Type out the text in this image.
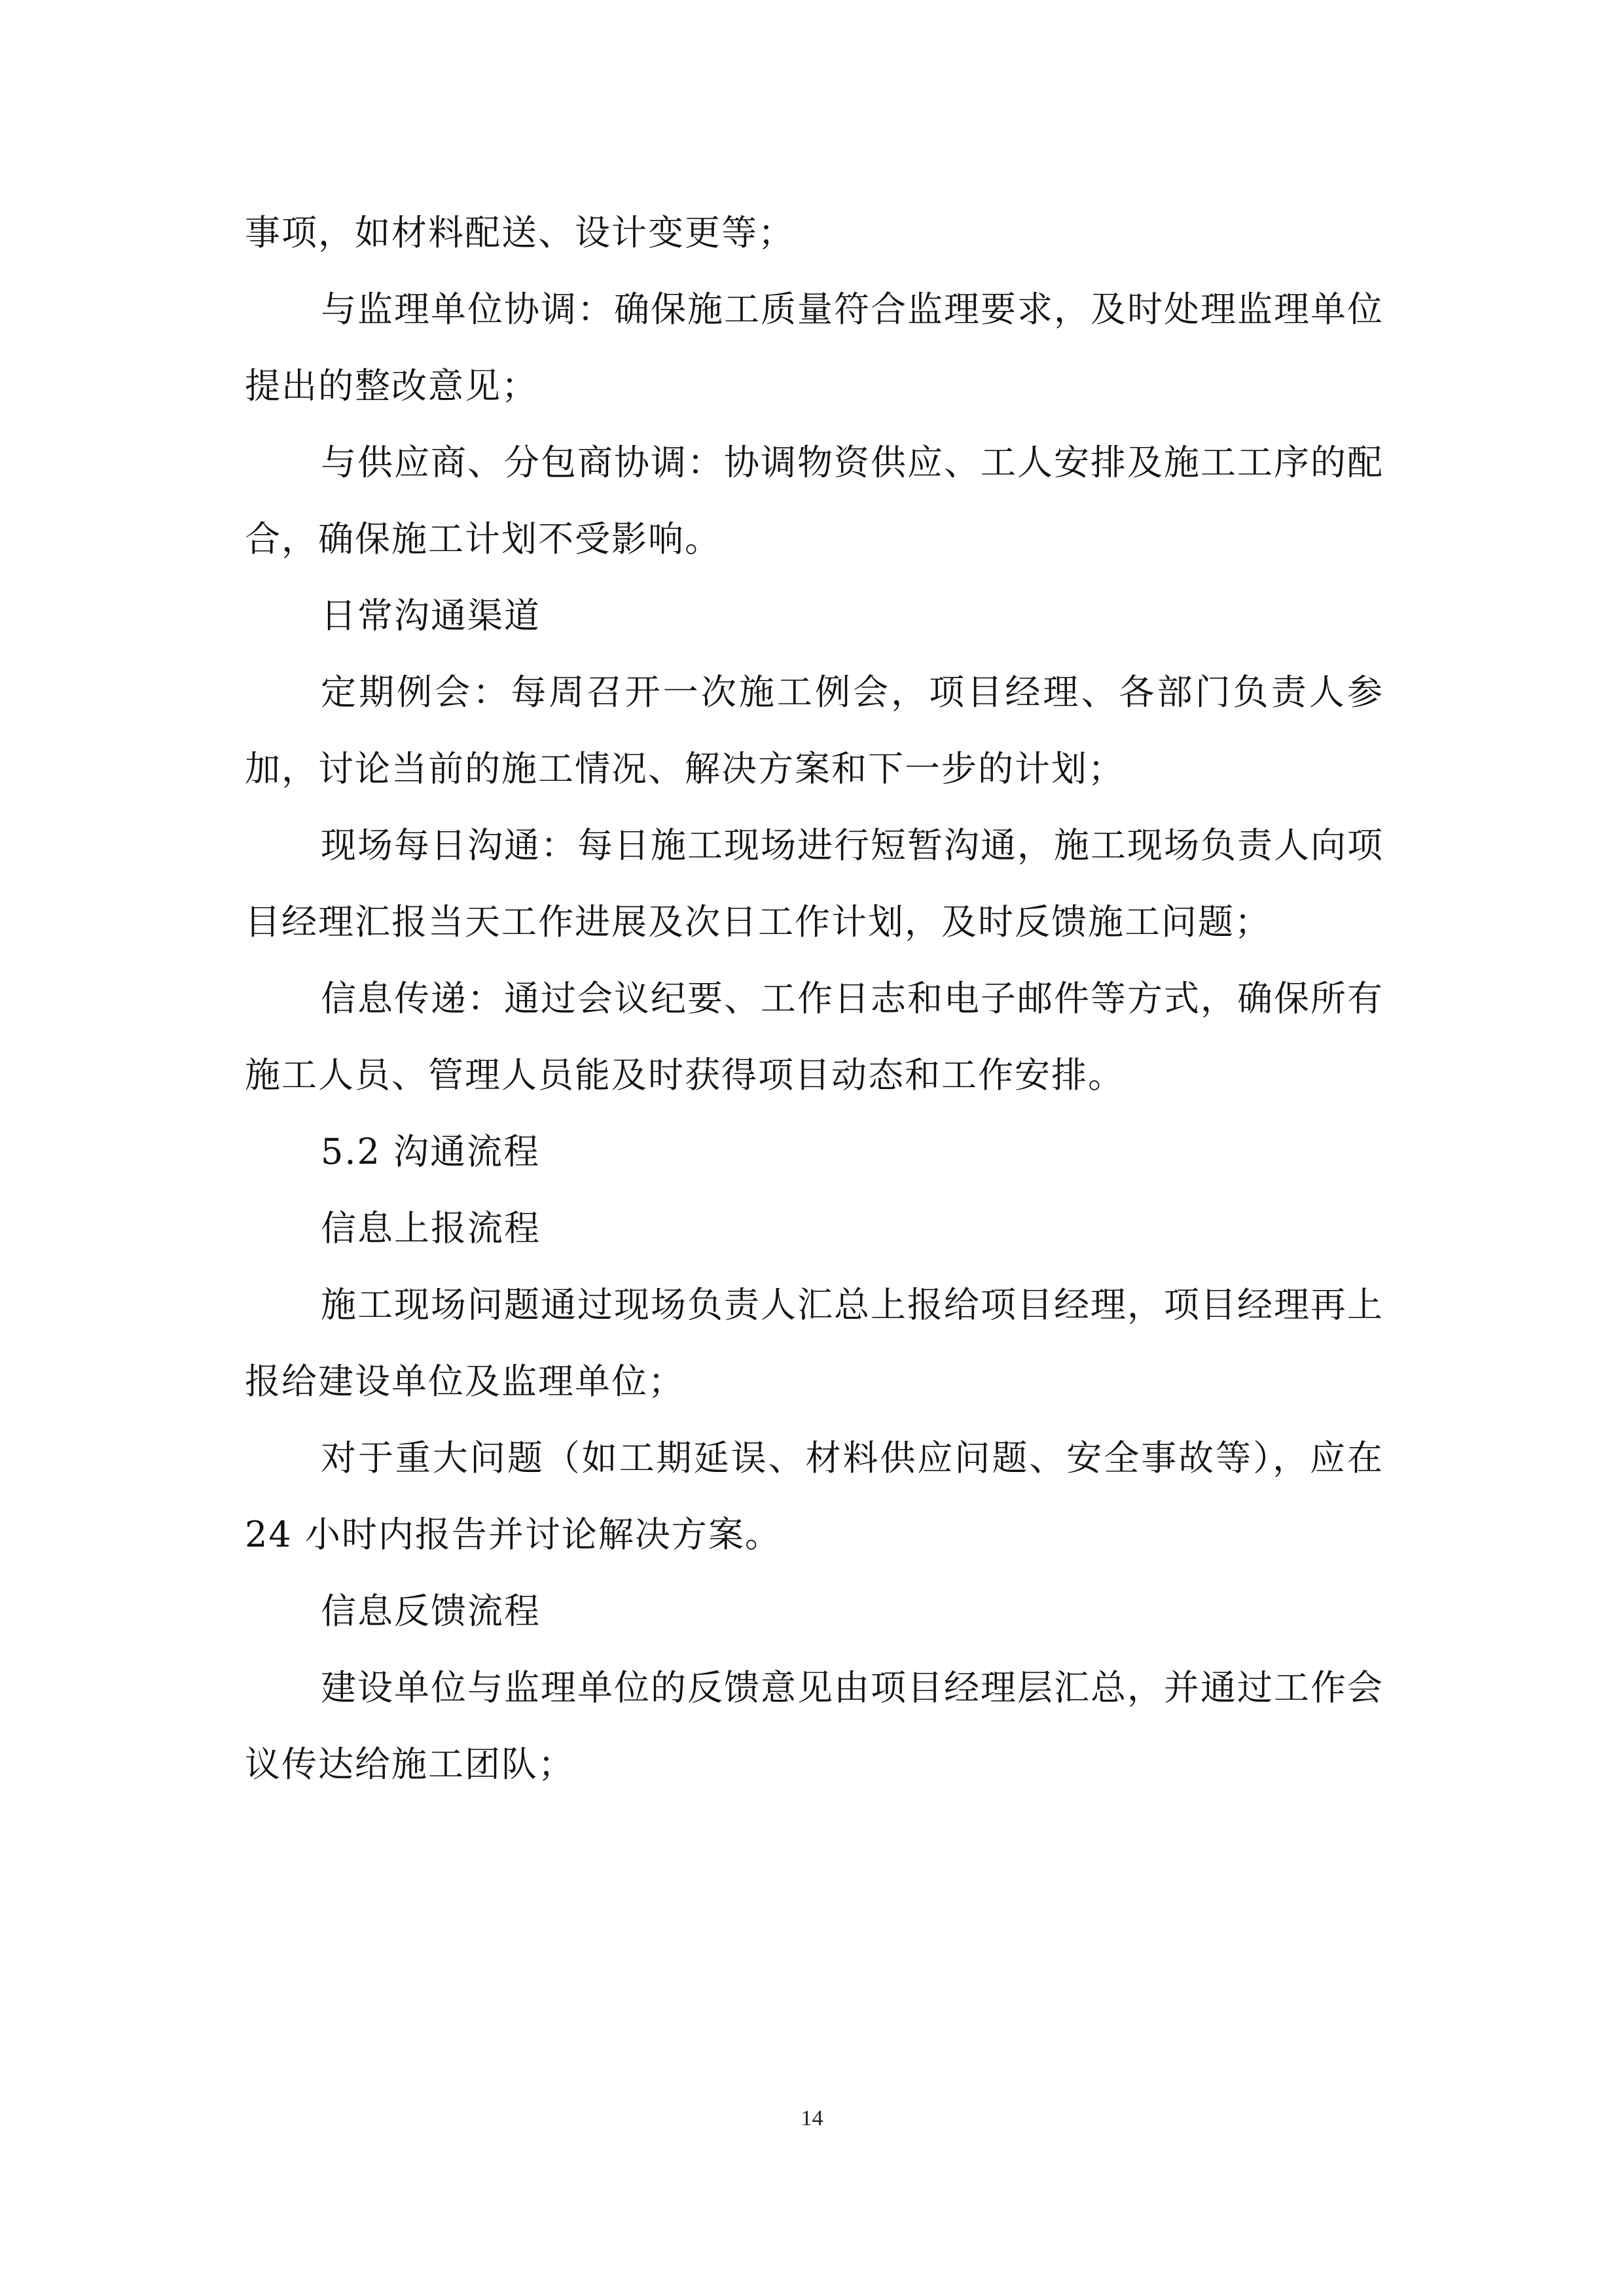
事项，如材料配送、设计变更等；

与监理单位协调：确保施工质量符合监理要求，及时处理监理单位提出的整改意见；

与供应商、分包商协调：协调物资供应、工人安排及施工工序的配合，确保施工计划不受影响。

日常沟通渠道

定期例会：每周召开一次施工例会，项目经理、各部门负责人参加，讨论当前的施工情况、解决方案和下一步的计划；

现场每日沟通：每日施工现场进行短暂沟通，施工现场负责人向项目经理汇报当天工作进展及次日工作计划，及时反馈施工问题；

信息传递：通过会议纪要、工作日志和电子邮件等方式，确保所有施工人员、管理人员能及时获得项目动态和工作安排。

5.2 沟通流程

信息上报流程

施工现场问题通过现场负责人汇总上报给项目经理，项目经理再上报给建设单位及监理单位；

对于重大问题（如工期延误、材料供应问题、安全事故等），应在 24 小时内报告并讨论解决方案。

信息反馈流程

建设单位与监理单位的反馈意见由项目经理层汇总，并通过工作会议传达给施工团队；

14
